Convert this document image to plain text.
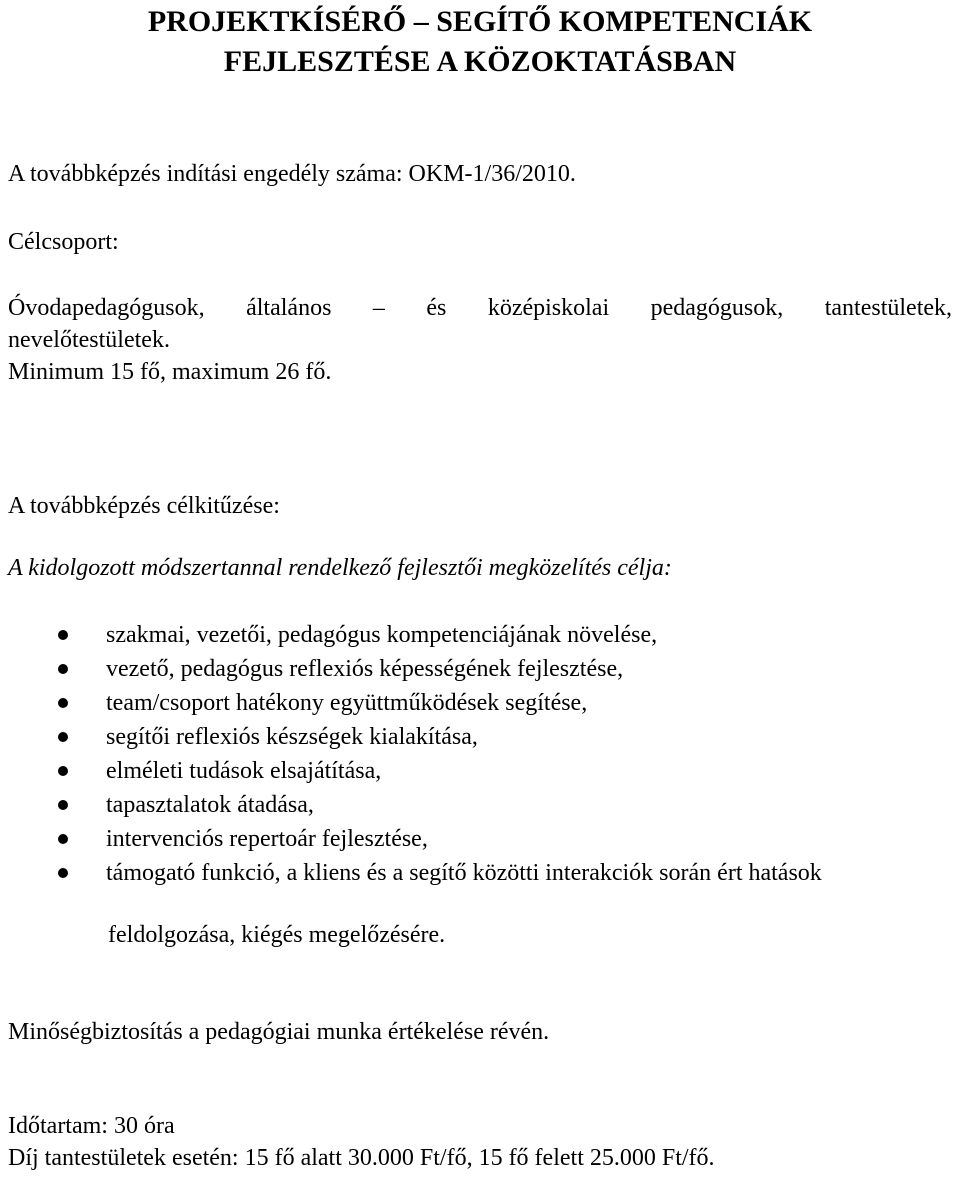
PROJEKTKÍSÉRŐ – SEGÍTŐ KOMPETENCIÁK
FEJLESZTÉSE A KÖZOKTATÁSBAN

A továbbképzés indítási engedély száma: OKM-1/36/2010.

Célcsoport:

Óvodapedagógusok, általános – és középiskolai pedagógusok, tantestületek,

nevelőtestületek.

Minimum 15 fő, maximum 26 fő.

A továbbképzés célkitűzése:

A kidolgozott módszertannal rendelkező fejlesztői megközelítés célja:

szakmai, vezetői, pedagógus kompetenciájának növelése,
vezető, pedagógus reflexiós képességének fejlesztése,
team/csoport hatékony együttműködések segítése,
segítői reflexiós készségek kialakítása,
elméleti tudások elsajátítása,
tapasztalatok átadása,
intervenciós repertoár fejlesztése,
támogató funkció, a kliens és a segítő közötti interakciók során ért hatások

feldolgozása, kiégés megelőzésére.

Minőségbiztosítás a pedagógiai munka értékelése révén.

Időtartam: 30 óra

Díj tantestületek esetén: 15 fő alatt 30.000 Ft/fő, 15 fő felett 25.000 Ft/fő.
